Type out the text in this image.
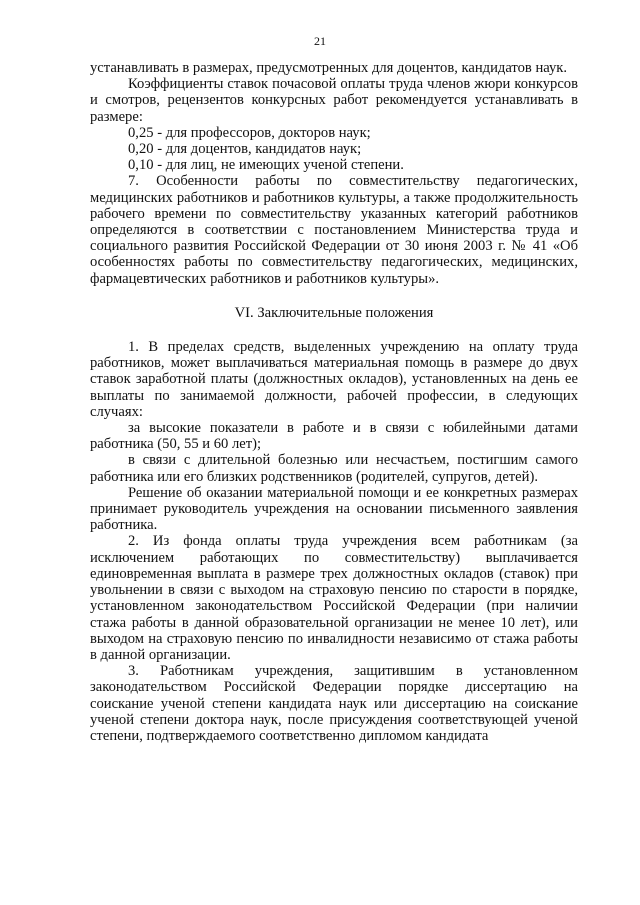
21

устанавливать в размерах, предусмотренных для доцентов, кандидатов наук.

Коэффициенты ставок почасовой оплаты труда членов жюри конкурсов и смотров, рецензентов конкурсных работ рекомендуется устанавливать в размере:

0,25 - для профессоров, докторов наук;

0,20 - для доцентов, кандидатов наук;

0,10 - для лиц, не имеющих ученой степени.

7. Особенности работы по совместительству педагогических, медицинских работников и работников культуры, а также продолжительность рабочего времени по совместительству указанных категорий работников определяются в соответствии с постановлением Министерства труда и социального развития Российской Федерации от 30 июня 2003 г. № 41 «Об особенностях работы по совместительству педагогических, медицинских, фармацевтических работников и работников культуры».

VI. Заключительные положения

1. В пределах средств, выделенных учреждению на оплату труда работников, может выплачиваться материальная помощь в размере до двух ставок заработной платы (должностных окладов), установленных на день ее выплаты по занимаемой должности, рабочей профессии, в следующих случаях:

за высокие показатели в работе и в связи с юбилейными датами работника (50, 55 и 60 лет);

в связи с длительной болезнью или несчастьем, постигшим самого работника или его близких родственников (родителей, супругов, детей).

Решение об оказании материальной помощи и ее конкретных размерах принимает руководитель учреждения на основании письменного заявления работника.

2. Из фонда оплаты труда учреждения всем работникам (за исключением работающих по совместительству) выплачивается единовременная выплата в размере трех должностных окладов (ставок) при увольнении в связи с выходом на страховую пенсию по старости в порядке, установленном законодательством Российской Федерации (при наличии стажа работы в данной образовательной организации не менее 10 лет), или выходом на страховую пенсию по инвалидности независимо от стажа работы в данной организации.

3. Работникам учреждения, защитившим в установленном законодательством Российской Федерации порядке диссертацию на соискание ученой степени кандидата наук или диссертацию на соискание ученой степени доктора наук, после присуждения соответствующей ученой степени, подтверждаемого соответственно дипломом кандидата
